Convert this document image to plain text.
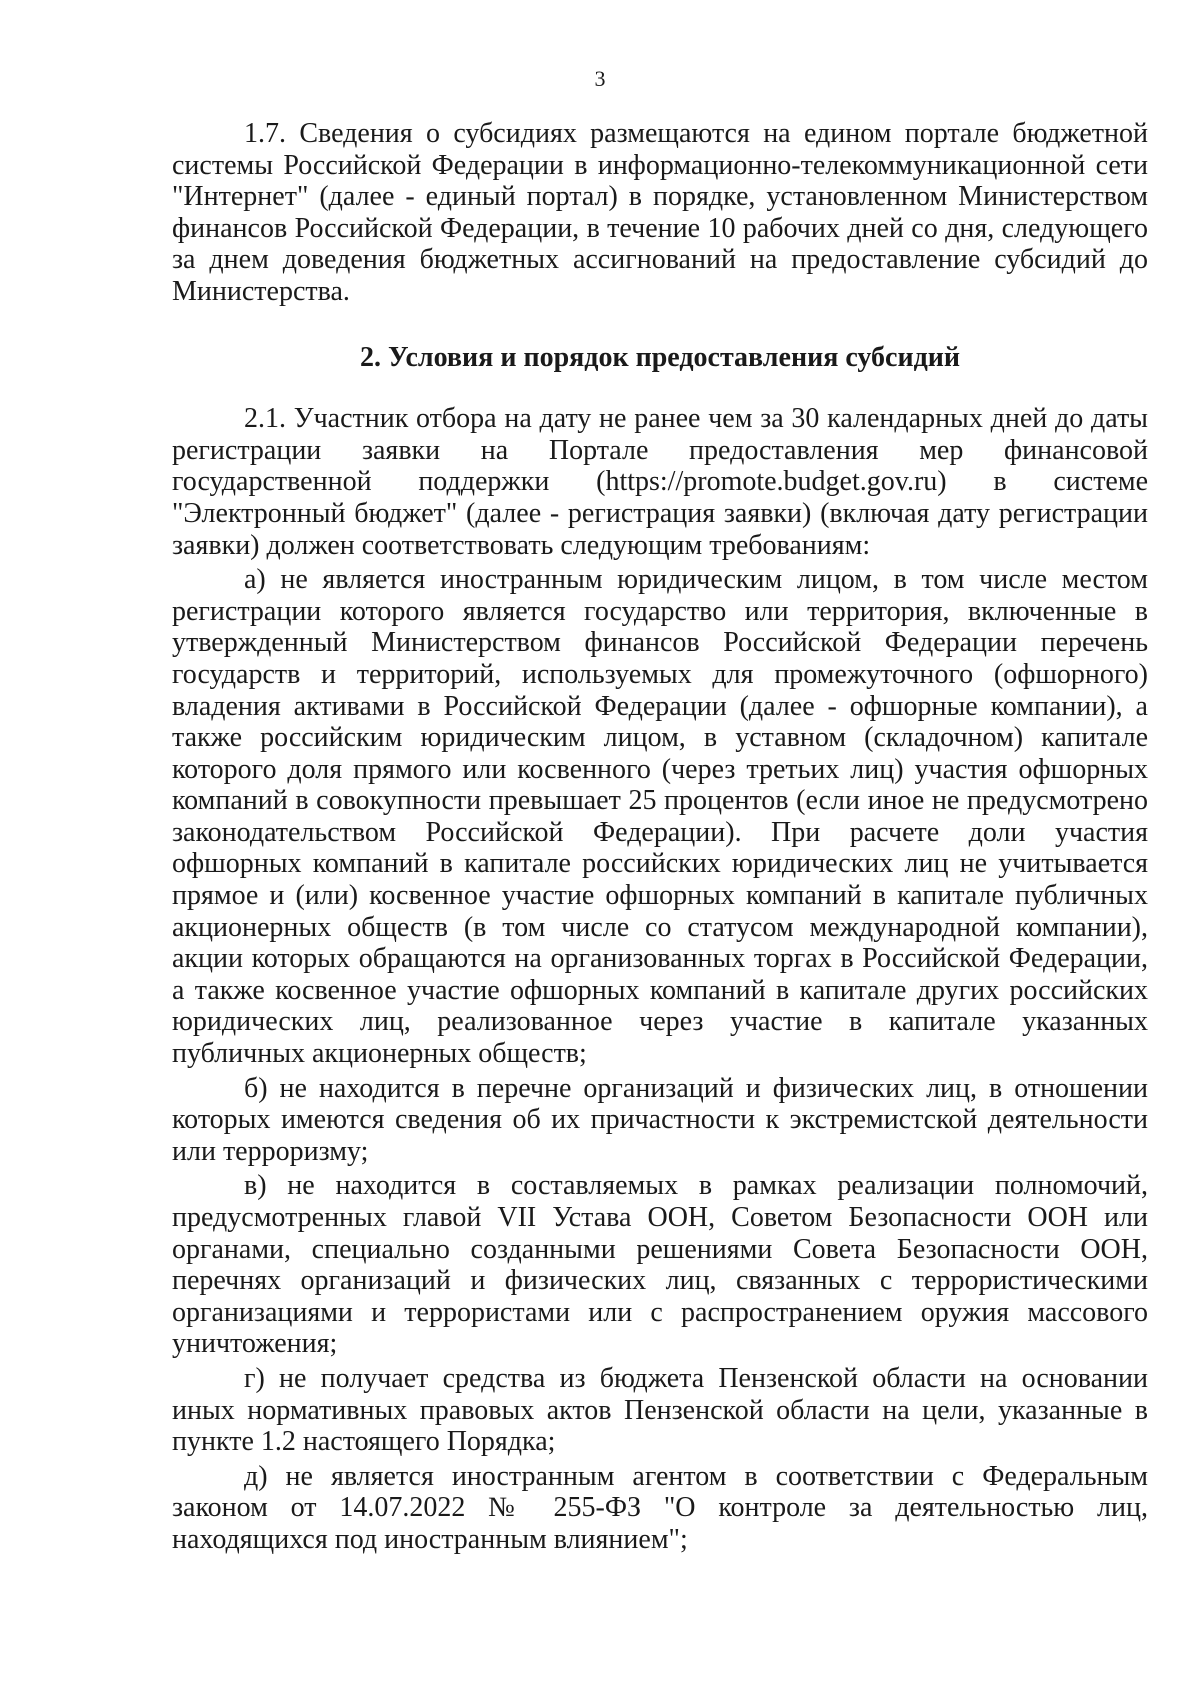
3

1.7. Сведения о субсидиях размещаются на едином портале бюджетной системы Российской Федерации в информационно-телекоммуникационной сети "Интернет" (далее - единый портал) в порядке, установленном Министерством финансов Российской Федерации, в течение 10 рабочих дней со дня, следующего за днем доведения бюджетных ассигнований на предоставление субсидий до Министерства.

2. Условия и порядок предоставления субсидий

2.1. Участник отбора на дату не ранее чем за 30 календарных дней до даты регистрации заявки на Портале предоставления мер финансовой государственной поддержки (https://promote.budget.gov.ru) в системе "Электронный бюджет" (далее - регистрация заявки) (включая дату регистрации заявки) должен соответствовать следующим требованиям:

а) не является иностранным юридическим лицом, в том числе местом регистрации которого является государство или территория, включенные в утвержденный Министерством финансов Российской Федерации перечень государств и территорий, используемых для промежуточного (офшорного) владения активами в Российской Федерации (далее - офшорные компании), а также российским юридическим лицом, в уставном (складочном) капитале которого доля прямого или косвенного (через третьих лиц) участия офшорных компаний в совокупности превышает 25 процентов (если иное не предусмотрено законодательством Российской Федерации). При расчете доли участия офшорных компаний в капитале российских юридических лиц не учитывается прямое и (или) косвенное участие офшорных компаний в капитале публичных акционерных обществ (в том числе со статусом международной компании), акции которых обращаются на организованных торгах в Российской Федерации, а также косвенное участие офшорных компаний в капитале других российских юридических лиц, реализованное через участие в капитале указанных публичных акционерных обществ;

б) не находится в перечне организаций и физических лиц, в отношении которых имеются сведения об их причастности к экстремистской деятельности или терроризму;

в) не находится в составляемых в рамках реализации полномочий, предусмотренных главой VII Устава ООН, Советом Безопасности ООН или органами, специально созданными решениями Совета Безопасности ООН, перечнях организаций и физических лиц, связанных с террористическими организациями и террористами или с распространением оружия массового уничтожения;

г) не получает средства из бюджета Пензенской области на основании иных нормативных правовых актов Пензенской области на цели, указанные в пункте 1.2 настоящего Порядка;

д) не является иностранным агентом в соответствии с Федеральным законом от 14.07.2022 № 255-ФЗ "О контроле за деятельностью лиц, находящихся под иностранным влиянием";
